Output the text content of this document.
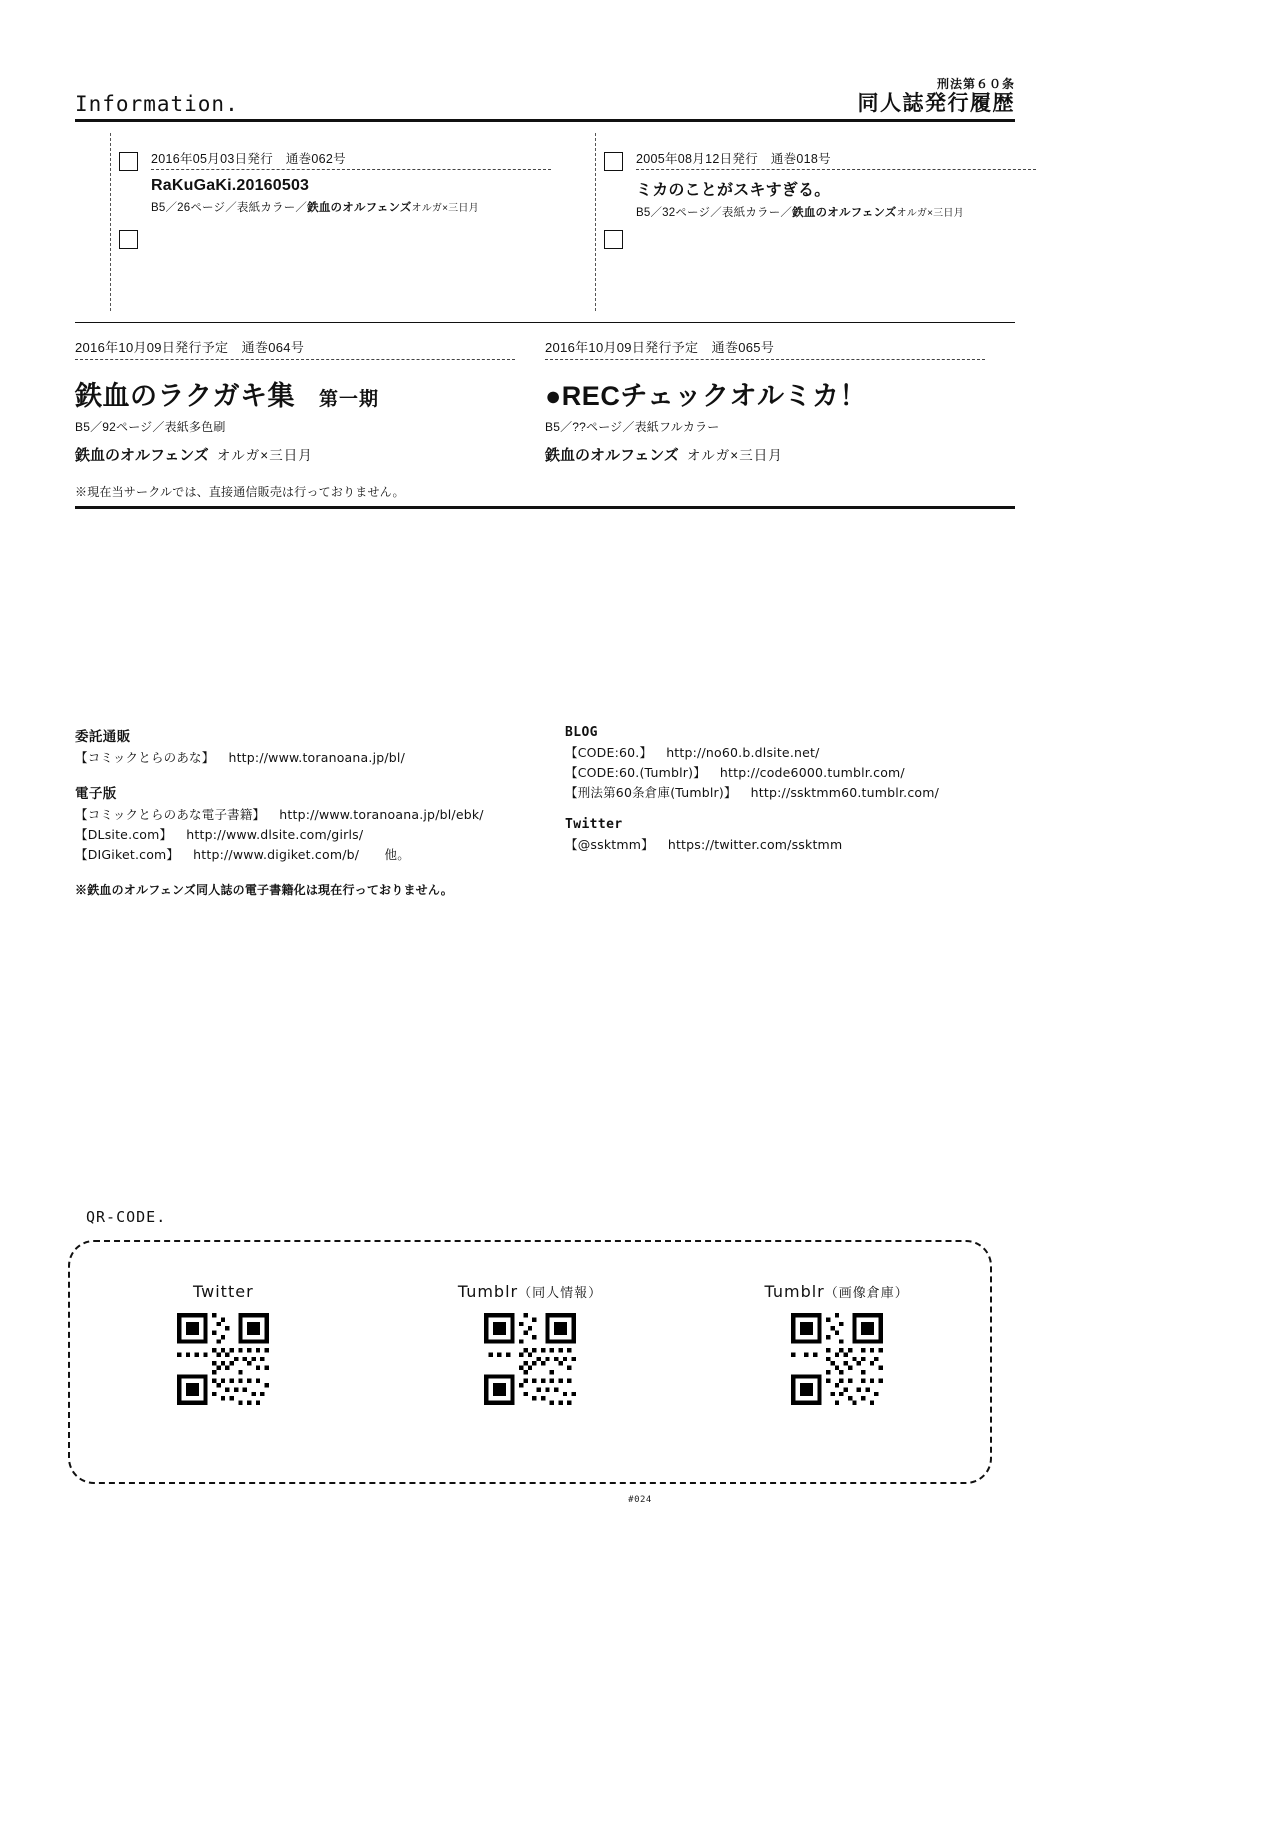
Information.
刑法第６０条
同人誌発行履歴
2016年05月03日発行　通巻062号
RaKuGaKi.20160503
B5／26ページ／表紙カラー／鉄血のオルフェンズオルガ×三日月
2005年08月12日発行　通巻018号
ミカのことがスキすぎる。
B5／32ページ／表紙カラー／鉄血のオルフェンズオルガ×三日月
2016年10月09日発行予定　通巻064号
鉄血のラクガキ集 第一期
B5／92ページ／表紙多色刷
鉄血のオルフェンズ オルガ×三日月
2016年10月09日発行予定　通巻065号
●RECチェックオルミカ！
B5／??ページ／表紙フルカラー
鉄血のオルフェンズ オルガ×三日月
※現在当サークルでは、直接通信販売は行っておりません。
委託通販
【コミックとらのあな】 http://www.toranoana.jp/bl/
電子版
【コミックとらのあな電子書籍】 http://www.toranoana.jp/bl/ebk/
【DLsite.com】 http://www.dlsite.com/girls/
【DIGiket.com】 http://www.digiket.com/b/　　他。
※鉄血のオルフェンズ同人誌の電子書籍化は現在行っておりません。
BLOG
【CODE:60.】 http://no60.b.dlsite.net/
【CODE:60.(Tumblr)】 http://code6000.tumblr.com/
【刑法第60条倉庫(Tumblr)】 http://ssktmm60.tumblr.com/
Twitter
【@ssktmm】 https://twitter.com/ssktmm
QR-CODE.
Twitter	Tumblr（同人情報）	Tumblr（画像倉庫）
#024
